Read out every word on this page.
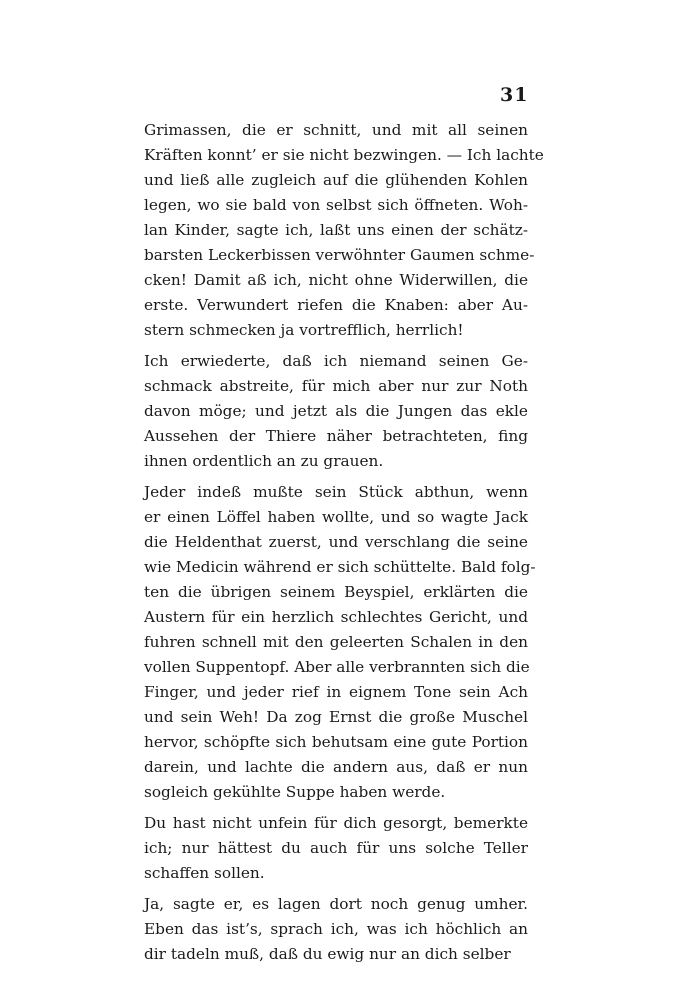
31
Grimassen, die er schnitt, und mit all seinen
Kräften konnt’ er sie nicht bezwingen. — Ich lachte
und ließ alle zugleich auf die glühenden Kohlen
legen, wo sie bald von selbst sich öffneten. Woh-
lan Kinder, sagte ich, laßt uns einen der schätz-
barsten Leckerbissen verwöhnter Gaumen schme-
cken! Damit aß ich, nicht ohne Widerwillen, die
erste. Verwundert riefen die Knaben: aber Au-
stern schmecken ja vortrefflich, herrlich!
Ich erwiederte, daß ich niemand seinen Ge-
schmack abstreite, für mich aber nur zur Noth
davon möge; und jetzt als die Jungen das ekle
Aussehen der Thiere näher betrachteten, fing
ihnen ordentlich an zu grauen.
Jeder indeß mußte sein Stück abthun, wenn
er einen Löffel haben wollte, und so wagte Jack
die Heldenthat zuerst, und verschlang die seine
wie Medicin während er sich schüttelte. Bald folg-
ten die übrigen seinem Beyspiel, erklärten die
Austern für ein herzlich schlechtes Gericht, und
fuhren schnell mit den geleerten Schalen in den
vollen Suppentopf. Aber alle verbrannten sich die
Finger, und jeder rief in eignem Tone sein Ach
und sein Weh! Da zog Ernst die große Muschel
hervor, schöpfte sich behutsam eine gute Portion
darein, und lachte die andern aus, daß er nun
sogleich gekühlte Suppe haben werde.
Du hast nicht unfein für dich gesorgt, bemerkte
ich; nur hättest du auch für uns solche Teller
schaffen sollen.
Ja, sagte er, es lagen dort noch genug umher.
Eben das ist’s, sprach ich, was ich höchlich an
dir tadeln muß, daß du ewig nur an dich selber
